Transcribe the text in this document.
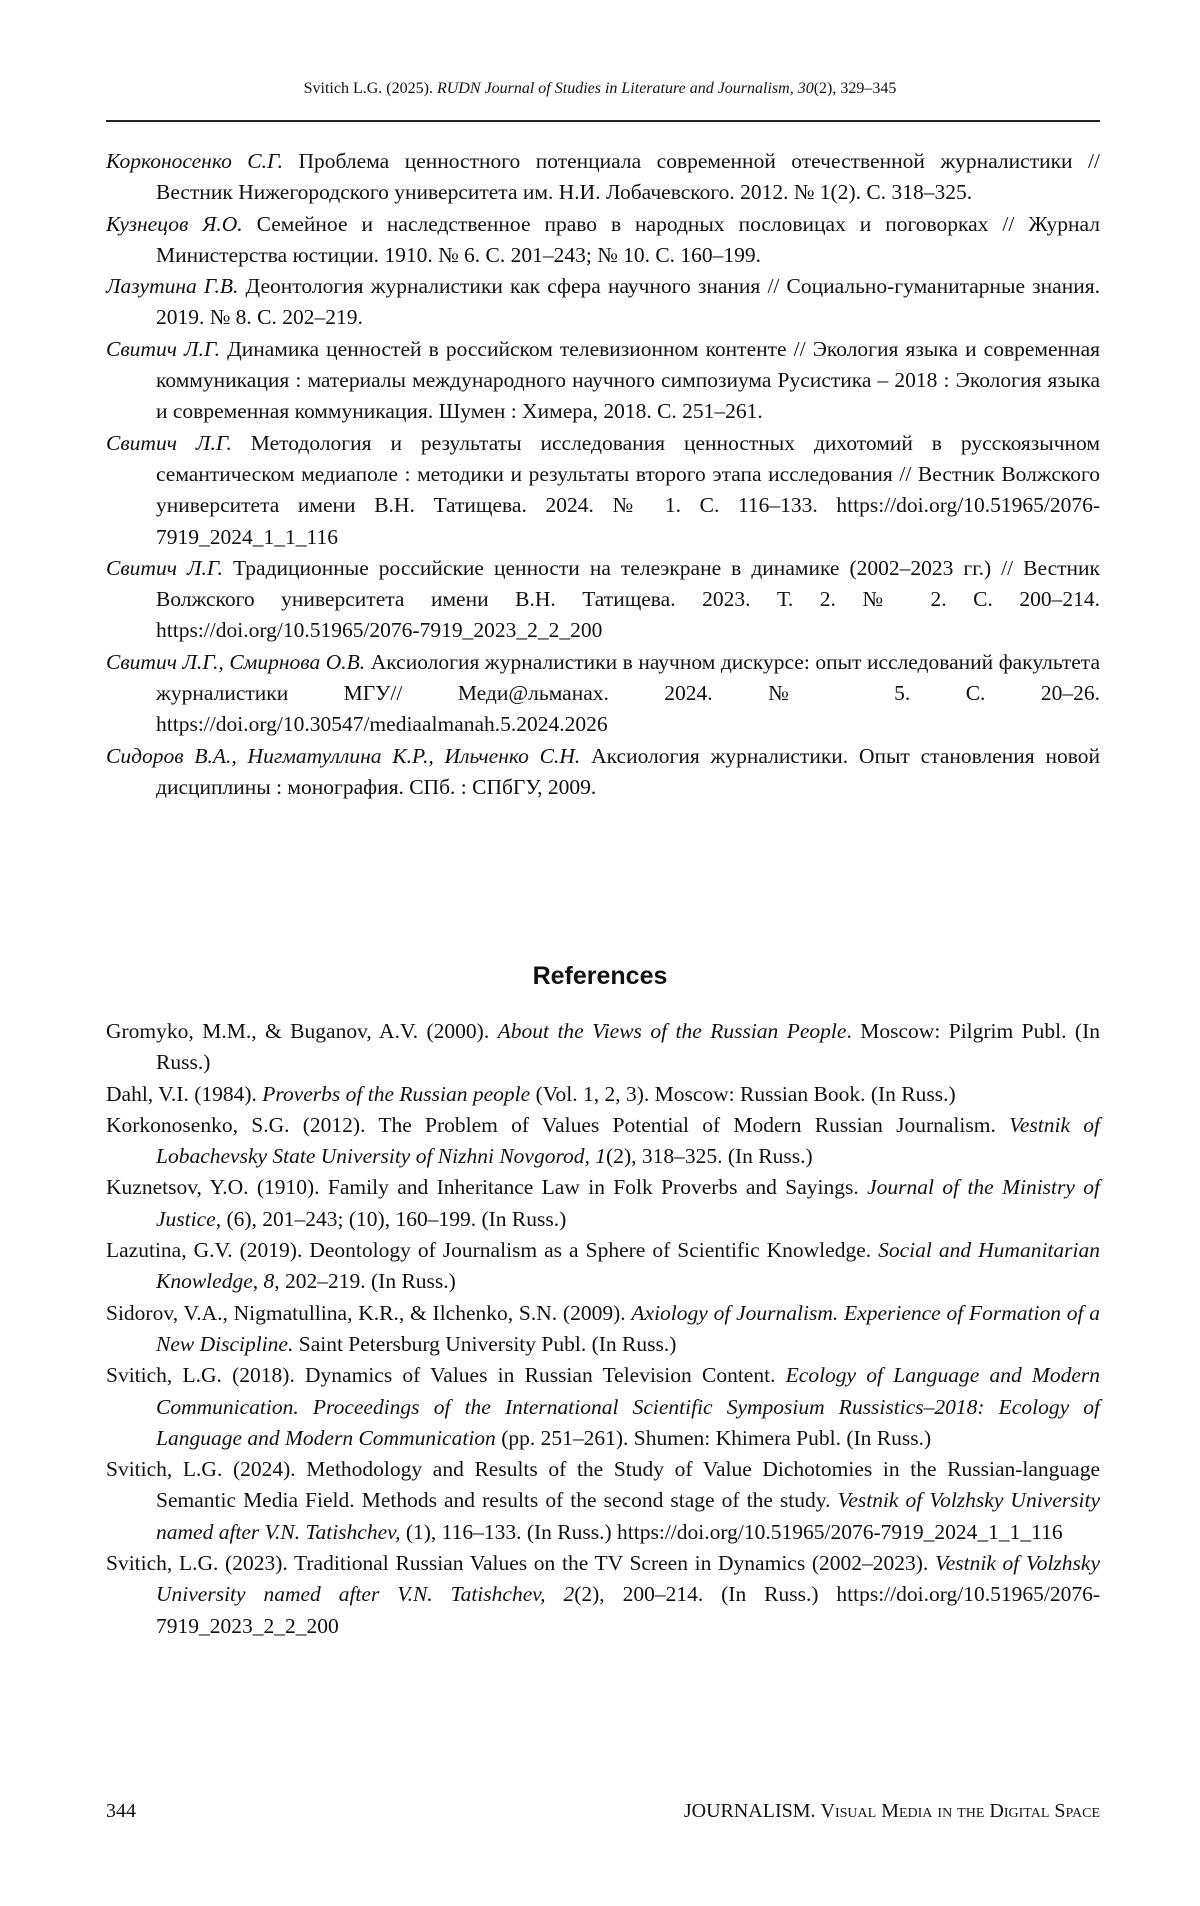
Svitich L.G. (2025). RUDN Journal of Studies in Literature and Journalism, 30(2), 329–345
Корконосенко С.Г. Проблема ценностного потенциала современной отечественной журналистики // Вестник Нижегородского университета им. Н.И. Лобачевского. 2012. № 1(2). С. 318–325.
Кузнецов Я.О. Семейное и наследственное право в народных пословицах и поговорках // Журнал Министерства юстиции. 1910. № 6. С. 201–243; № 10. С. 160–199.
Лазутина Г.В. Деонтология журналистики как сфера научного знания // Социально-гуманитарные знания. 2019. № 8. С. 202–219.
Свитич Л.Г. Динамика ценностей в российском телевизионном контенте // Экология языка и современная коммуникация : материалы международного научного симпозиума Русистика – 2018 : Экология языка и современная коммуникация. Шумен : Химера, 2018. С. 251–261.
Свитич Л.Г. Методология и результаты исследования ценностных дихотомий в русскоязычном семантическом медиаполе : методики и результаты второго этапа исследования // Вестник Волжского университета имени В.Н. Татищева. 2024. № 1. С. 116–133. https://doi.org/10.51965/2076-7919_2024_1_1_116
Свитич Л.Г. Традиционные российские ценности на телеэкране в динамике (2002–2023 гг.) // Вестник Волжского университета имени В.Н. Татищева. 2023. Т. 2. № 2. С. 200–214. https://doi.org/10.51965/2076-7919_2023_2_2_200
Свитич Л.Г., Смирнова О.В. Аксиология журналистики в научном дискурсе: опыт исследований факультета журналистики МГУ// Меди@льманах. 2024. № 5. С. 20–26. https://doi.org/10.30547/mediaalmanah.5.2024.2026
Сидоров В.А., Нигматуллина К.Р., Ильченко С.Н. Аксиология журналистики. Опыт становления новой дисциплины : монография. СПб. : СПбГУ, 2009.
References
Gromyko, M.M., & Buganov, A.V. (2000). About the Views of the Russian People. Moscow: Pilgrim Publ. (In Russ.)
Dahl, V.I. (1984). Proverbs of the Russian people (Vol. 1, 2, 3). Moscow: Russian Book. (In Russ.)
Korkonosenko, S.G. (2012). The Problem of Values Potential of Modern Russian Journalism. Vestnik of Lobachevsky State University of Nizhni Novgorod, 1(2), 318–325. (In Russ.)
Kuznetsov, Y.O. (1910). Family and Inheritance Law in Folk Proverbs and Sayings. Journal of the Ministry of Justice, (6), 201–243; (10), 160–199. (In Russ.)
Lazutina, G.V. (2019). Deontology of Journalism as a Sphere of Scientific Knowledge. Social and Humanitarian Knowledge, 8, 202–219. (In Russ.)
Sidorov, V.A., Nigmatullina, K.R., & Ilchenko, S.N. (2009). Axiology of Journalism. Experience of Formation of a New Discipline. Saint Petersburg University Publ. (In Russ.)
Svitich, L.G. (2018). Dynamics of Values in Russian Television Content. Ecology of Language and Modern Communication. Proceedings of the International Scientific Symposium Russistics–2018: Ecology of Language and Modern Communication (pp. 251–261). Shumen: Khimera Publ. (In Russ.)
Svitich, L.G. (2024). Methodology and Results of the Study of Value Dichotomies in the Russian-language Semantic Media Field. Methods and results of the second stage of the study. Vestnik of Volzhsky University named after V.N. Tatishchev, (1), 116–133. (In Russ.) https://doi.org/10.51965/2076-7919_2024_1_1_116
Svitich, L.G. (2023). Traditional Russian Values on the TV Screen in Dynamics (2002–2023). Vestnik of Volzhsky University named after V.N. Tatishchev, 2(2), 200–214. (In Russ.) https://doi.org/10.51965/2076-7919_2023_2_2_200
344	JOURNALISM. Visual Media in the Digital Space
